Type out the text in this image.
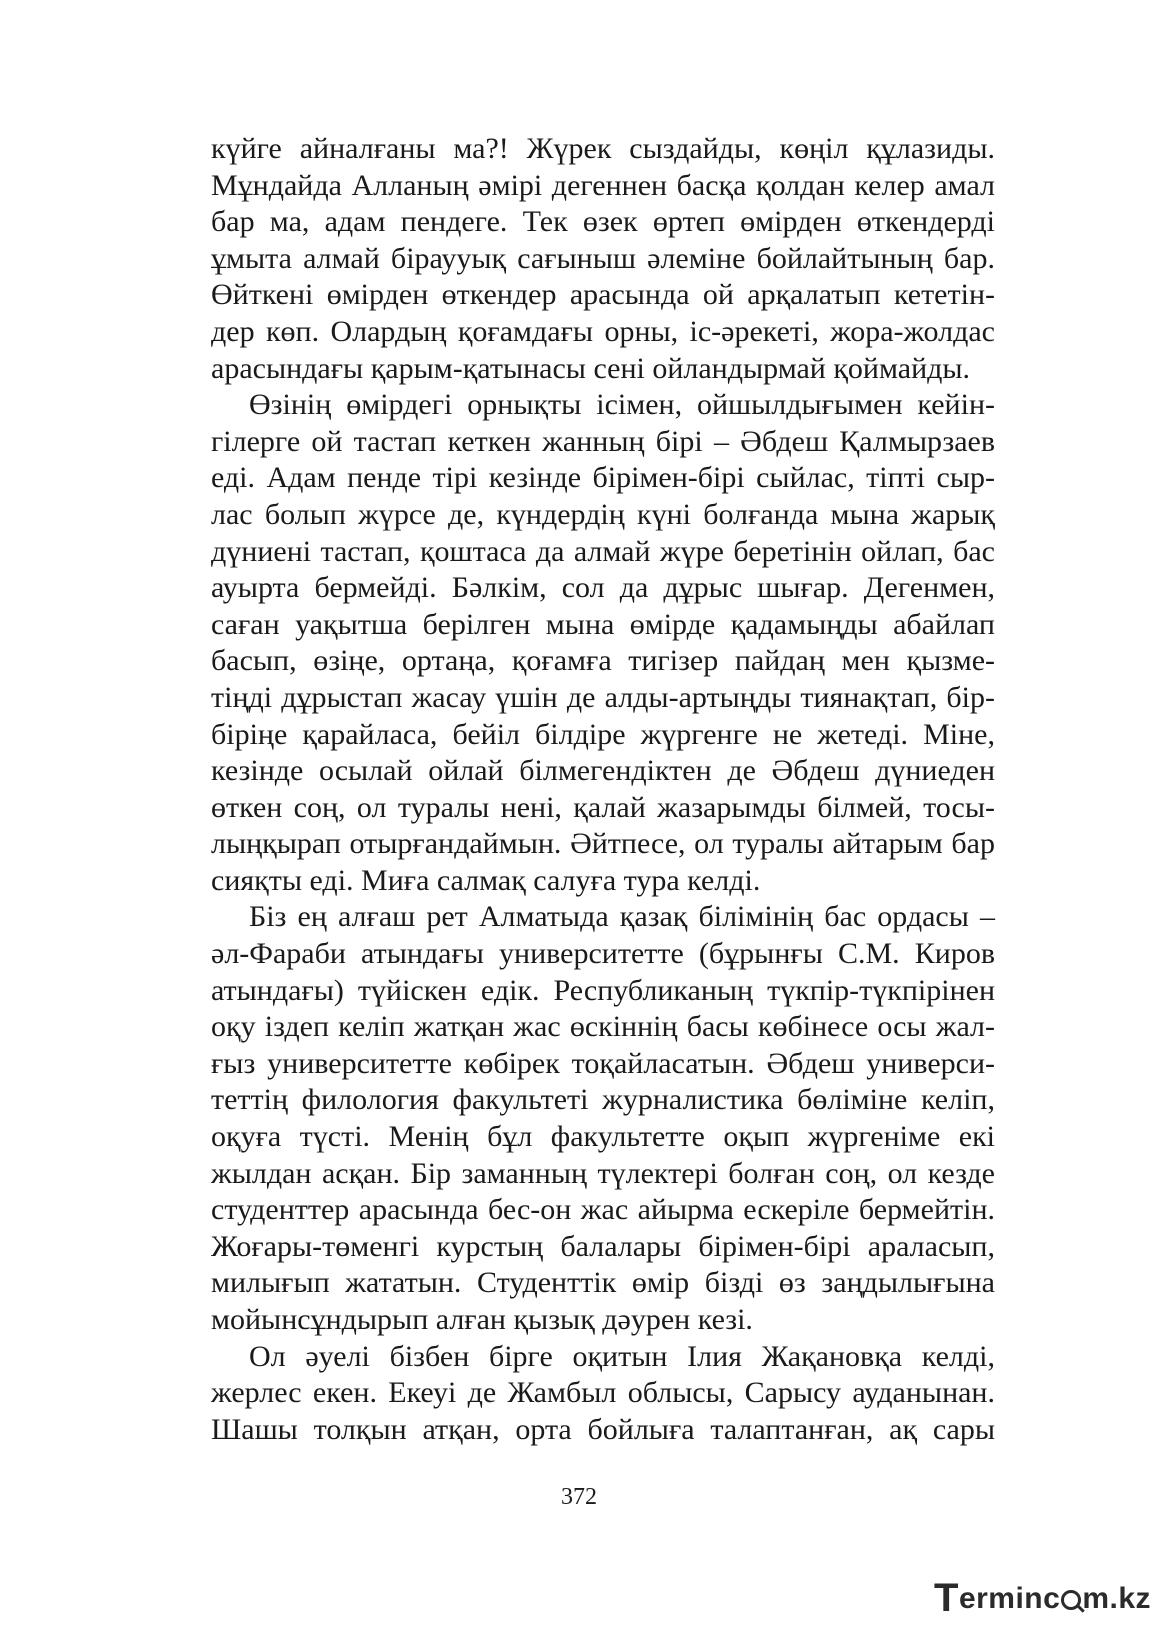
күйге айналғаны ма?! Жүрек сыздайды, көңіл құлазиды.
Мұндайда Алланың әмірі дегеннен басқа қолдан келер амал
бар ма, адам пендеге. Тек өзек өртеп өмірден өткендерді
ұмыта алмай біраууық сағыныш әлеміне бойлайтының бар.
Өйткені өмірден өткендер арасында ой арқалатып кететін-
дер көп. Олардың қоғамдағы орны, іс-әрекеті, жора-жолдас
арасындағы қарым-қатынасы сені ойландырмай қоймайды.
Өзінің өмірдегі орнықты ісімен, ойшылдығымен кейін-
гілерге ой тастап кеткен жанның бірі – Әбдеш Қалмырзаев
еді. Адам пенде тірі кезінде бірімен-бірі сыйлас, тіпті сыр-
лас болып жүрсе де, күндердің күні болғанда мына жарық
дүниені тастап, қоштаса да алмай жүре беретінін ойлап, бас
ауырта бермейді. Бәлкім, сол да дұрыс шығар. Дегенмен,
саған уақытша берілген мына өмірде қадамыңды абайлап
басып, өзіңе, ортаңа, қоғамға тигізер пайдаң мен қызме-
тіңді дұрыстап жасау үшін де алды-артыңды тиянақтап, бір-
біріңе қарайласа, бейіл білдіре жүргенге не жетеді. Міне,
кезінде осылай ойлай білмегендіктен де Әбдеш дүниеден
өткен соң, ол туралы нені, қалай жазарымды білмей, тосы-
лыңқырап отырғандаймын. Әйтпесе, ол туралы айтарым бар
сияқты еді. Миға салмақ салуға тура келді.
Біз ең алғаш рет Алматыда қазақ білімінің бас ордасы –
әл-Фараби атындағы университетте (бұрынғы С.М. Киров
атындағы) түйіскен едік. Республиканың түкпір-түкпірінен
оқу іздеп келіп жатқан жас өскіннің басы көбінесе осы жал-
ғыз университетте көбірек тоқайласатын. Әбдеш универси-
теттің филология факультеті журналистика бөліміне келіп,
оқуға түсті. Менің бұл факультетте оқып жүргеніме екі
жылдан асқан. Бір заманның түлектері болған соң, ол кезде
студенттер арасында бес-он жас айырма ескеріле бермейтін.
Жоғары-төменгі курстың балалары бірімен-бірі араласып,
милығып жататын. Студенттік өмір бізді өз заңдылығына
мойынсұндырып алған қызық дәурен кезі.
Ол әуелі бізбен бірге оқитын Ілия Жақановқа келді,
жерлес екен. Екеуі де Жамбыл облысы, Сарысу ауданынан.
Шашы толқын атқан, орта бойлыға талаптанған, ақ сары
372
Terminc m.kz
